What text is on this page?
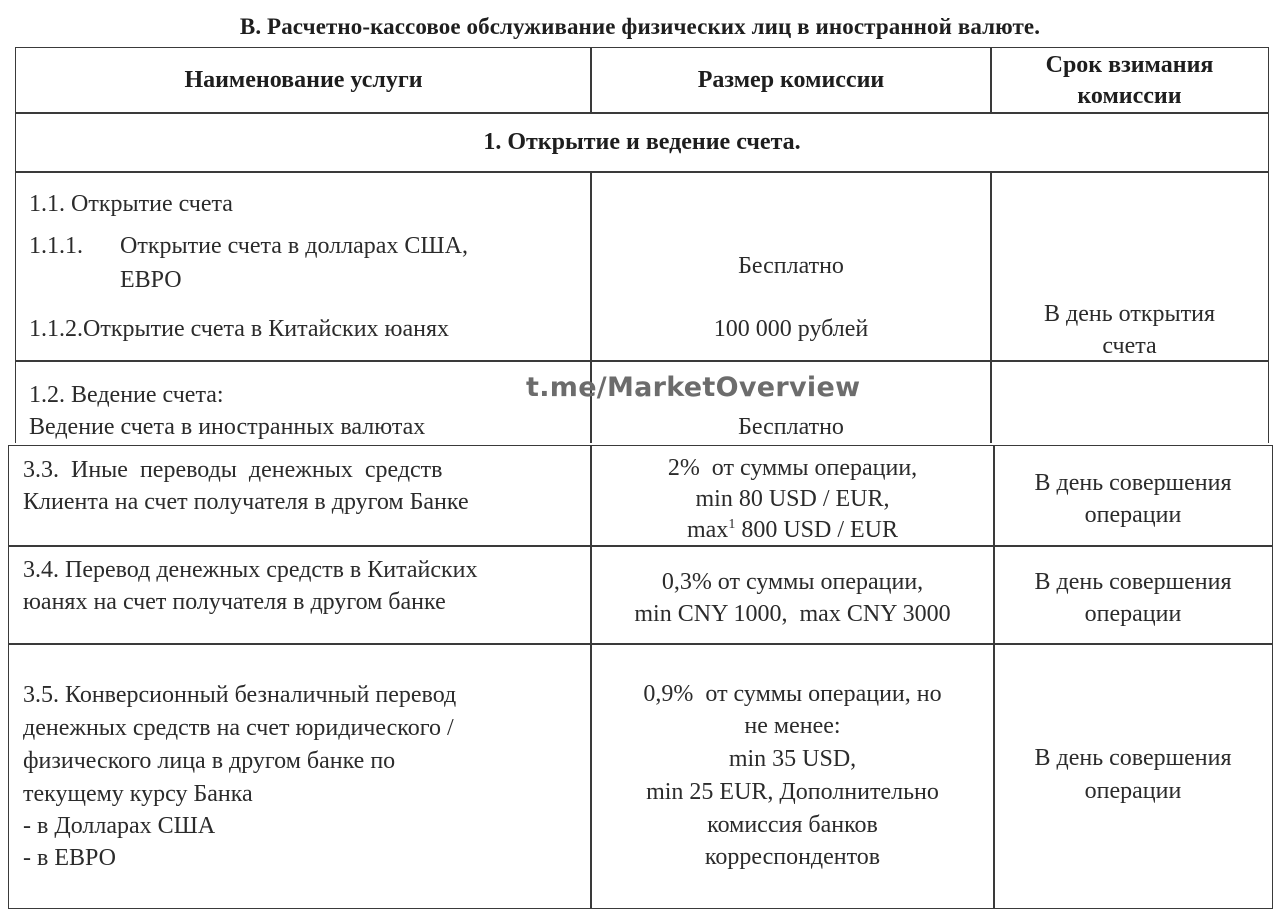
В. Расчетно-кассовое обслуживание физических лиц в иностранной валюте.
Наименование услуги	Размер комиссии
Срок взимания
комиссии
1. Открытие и ведение счета.
1.1. Открытие счета
1.1.1. Открытие счета в долларах США,
ЕВРО
1.1.2.Открытие счета в Китайских юанях
Бесплатно
100 000 рублей
В день открытия
счета
1.2. Ведение счета:
Ведение счета в иностранных валютах	Бесплатно
t.me/MarketOverview
3.3.  Иные  переводы  денежных  средств
Клиента на счет получателя в другом Банке
2%  от суммы операции,
min 80 USD / EUR,
$\max^1 800$ USD / EUR
В день совершения
операции
3.4. Перевод денежных средств в Китайских
юанях на счет получателя в другом банке
0,3% от суммы операции,
min CNY 1000,  max CNY 3000
В день совершения
операции
3.5. Конверсионный безналичный перевод
денежных средств на счет юридического /
физического лица в другом банке по
текущему курсу Банка
- в Долларах США
- в ЕВРО
0,9%  от суммы операции, но
не менее:
min 35 USD,
min 25 EUR, Дополнительно
комиссия банков
корреспондентов
В день совершения
операции
